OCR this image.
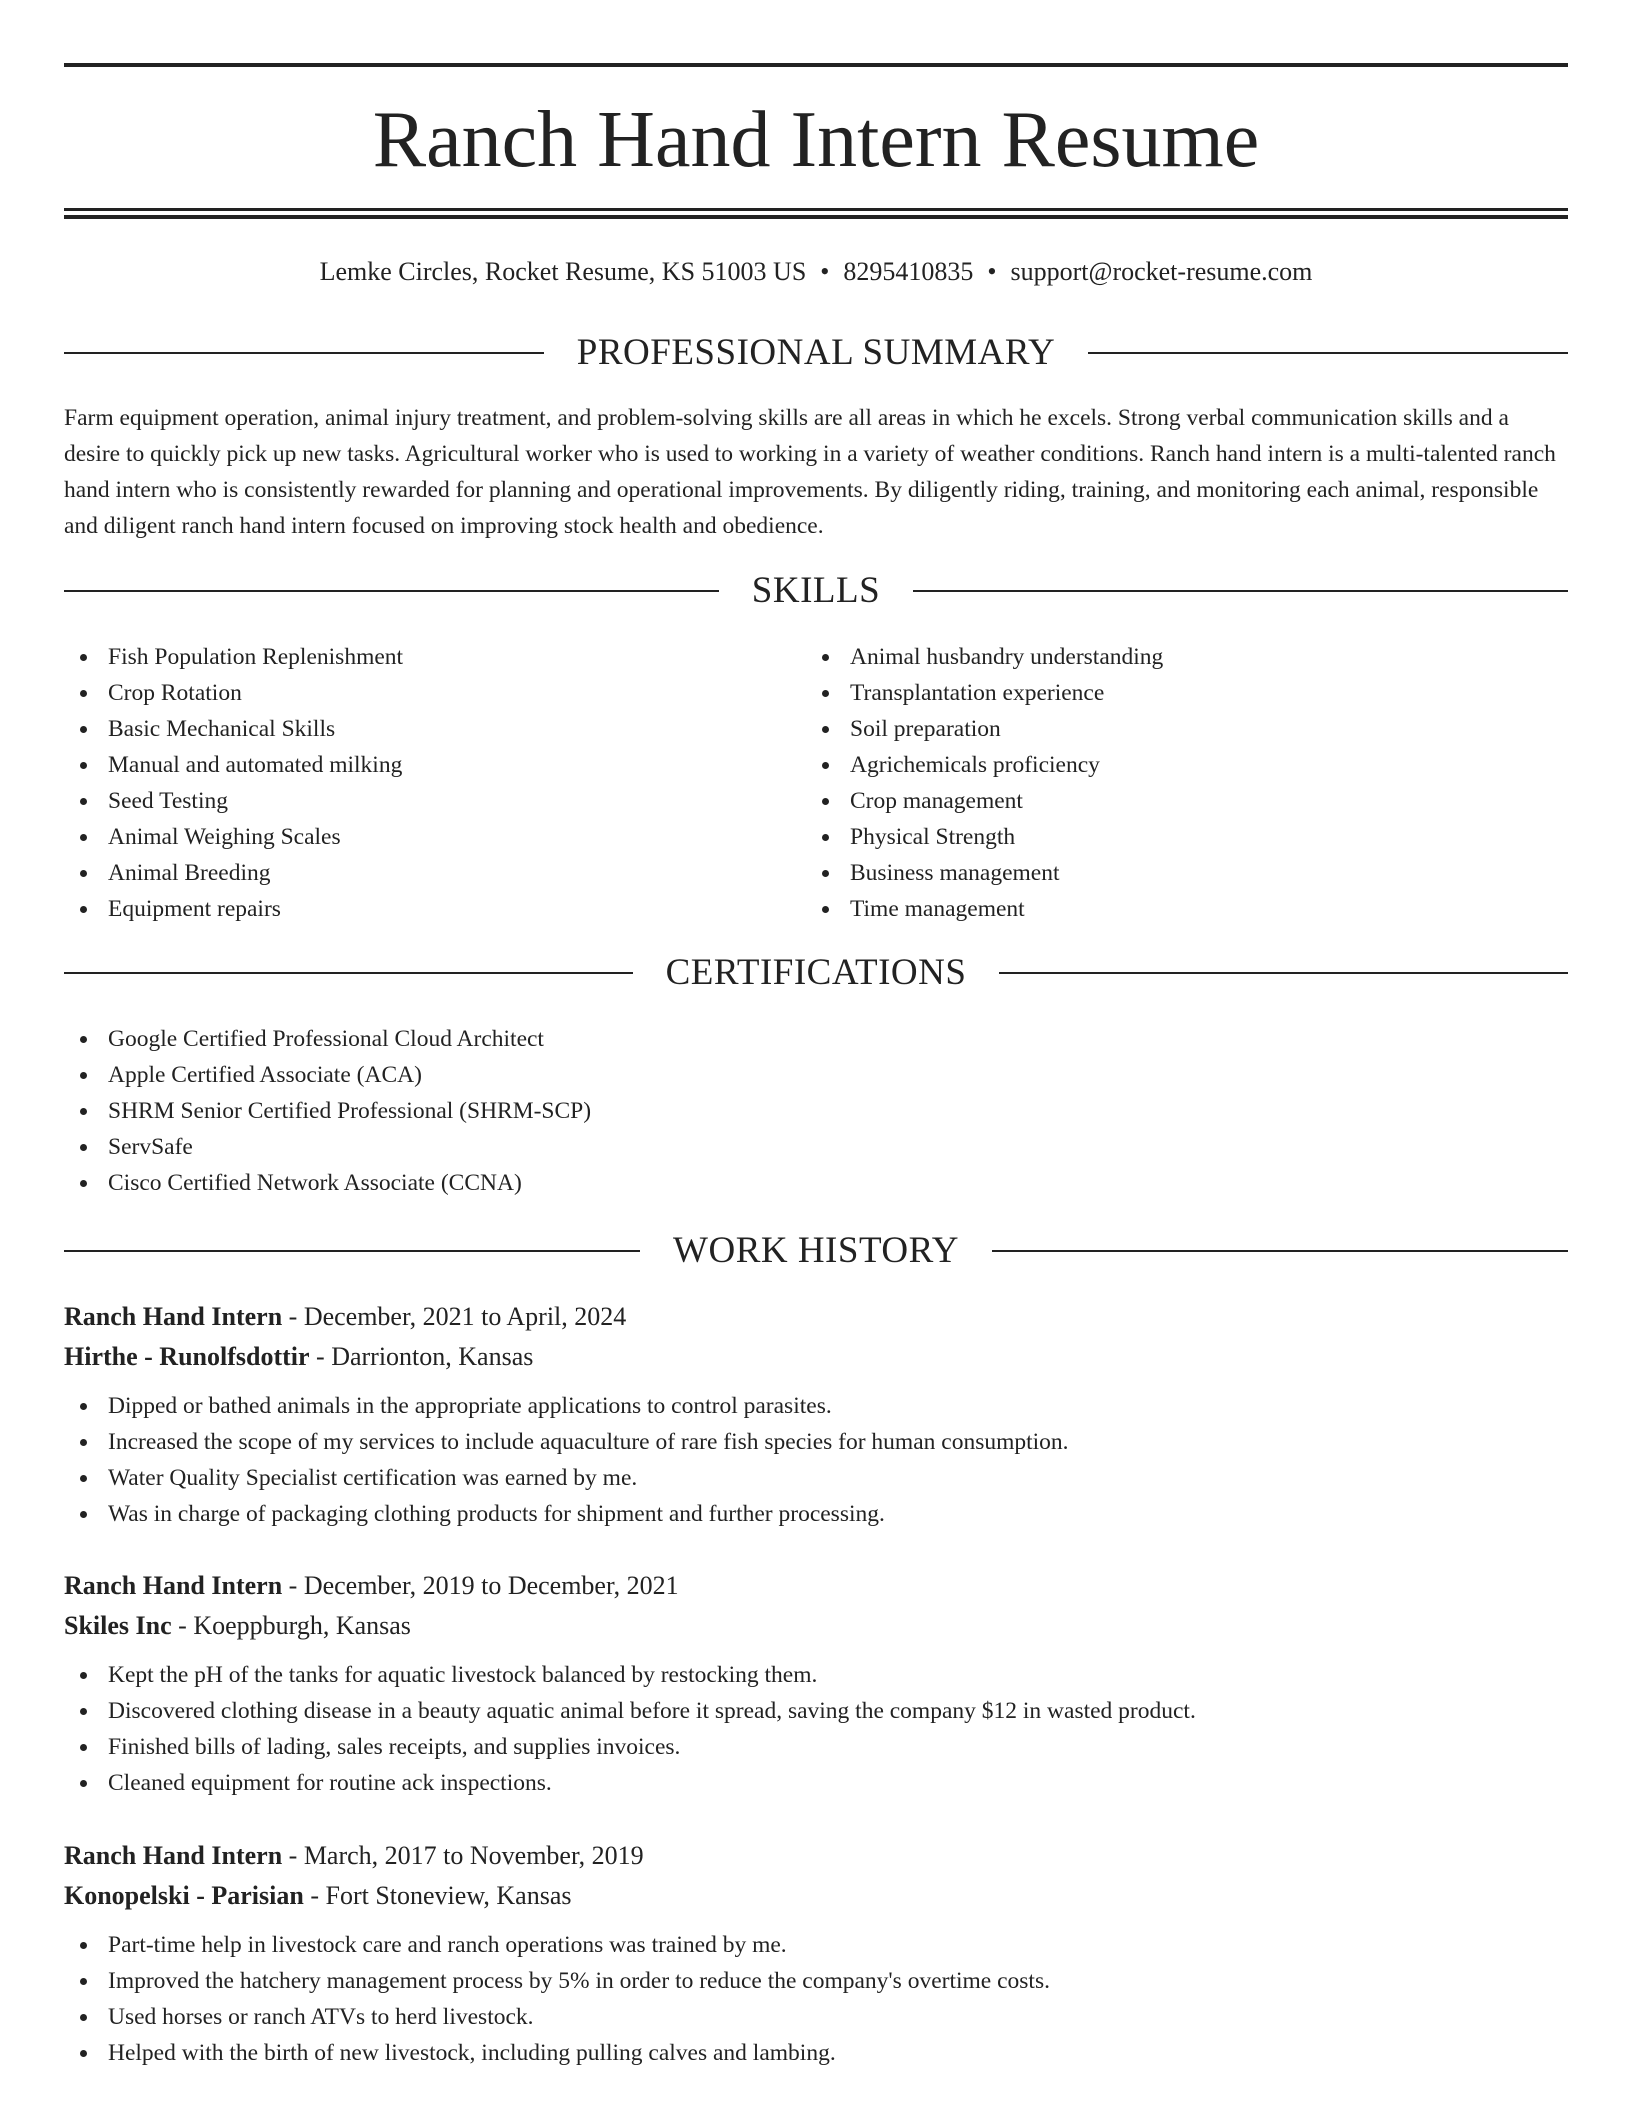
Ranch Hand Intern Resume
Lemke Circles, Rocket Resume, KS 51003 US • 8295410835 • support@rocket-resume.com
PROFESSIONAL SUMMARY

Farm equipment operation, animal injury treatment, and problem-solving skills are all areas in which he excels. Strong verbal communication skills and a desire to quickly pick up new tasks. Agricultural worker who is used to working in a variety of weather conditions. Ranch hand intern is a multi-talented ranch hand intern who is consistently rewarded for planning and operational improvements. By diligently riding, training, and monitoring each animal, responsible and diligent ranch hand intern focused on improving stock health and obedience.

SKILLS
Fish Population Replenishment
Crop Rotation
Basic Mechanical Skills
Manual and automated milking
Seed Testing
Animal Weighing Scales
Animal Breeding
Equipment repairs
Animal husbandry understanding
Transplantation experience
Soil preparation
Agrichemicals proficiency
Crop management
Physical Strength
Business management
Time management
CERTIFICATIONS
Google Certified Professional Cloud Architect
Apple Certified Associate (ACA)
SHRM Senior Certified Professional (SHRM-SCP)
ServSafe
Cisco Certified Network Associate (CCNA)
WORK HISTORY
Ranch Hand Intern - December, 2021 to April, 2024
Hirthe - Runolfsdottir - Darrionton, Kansas
Dipped or bathed animals in the appropriate applications to control parasites.
Increased the scope of my services to include aquaculture of rare fish species for human consumption.
Water Quality Specialist certification was earned by me.
Was in charge of packaging clothing products for shipment and further processing.
Ranch Hand Intern - December, 2019 to December, 2021
Skiles Inc - Koeppburgh, Kansas
Kept the pH of the tanks for aquatic livestock balanced by restocking them.
Discovered clothing disease in a beauty aquatic animal before it spread, saving the company $12 in wasted product.
Finished bills of lading, sales receipts, and supplies invoices.
Cleaned equipment for routine ack inspections.
Ranch Hand Intern - March, 2017 to November, 2019
Konopelski - Parisian - Fort Stoneview, Kansas
Part-time help in livestock care and ranch operations was trained by me.
Improved the hatchery management process by 5% in order to reduce the company's overtime costs.
Used horses or ranch ATVs to herd livestock.
Helped with the birth of new livestock, including pulling calves and lambing.
